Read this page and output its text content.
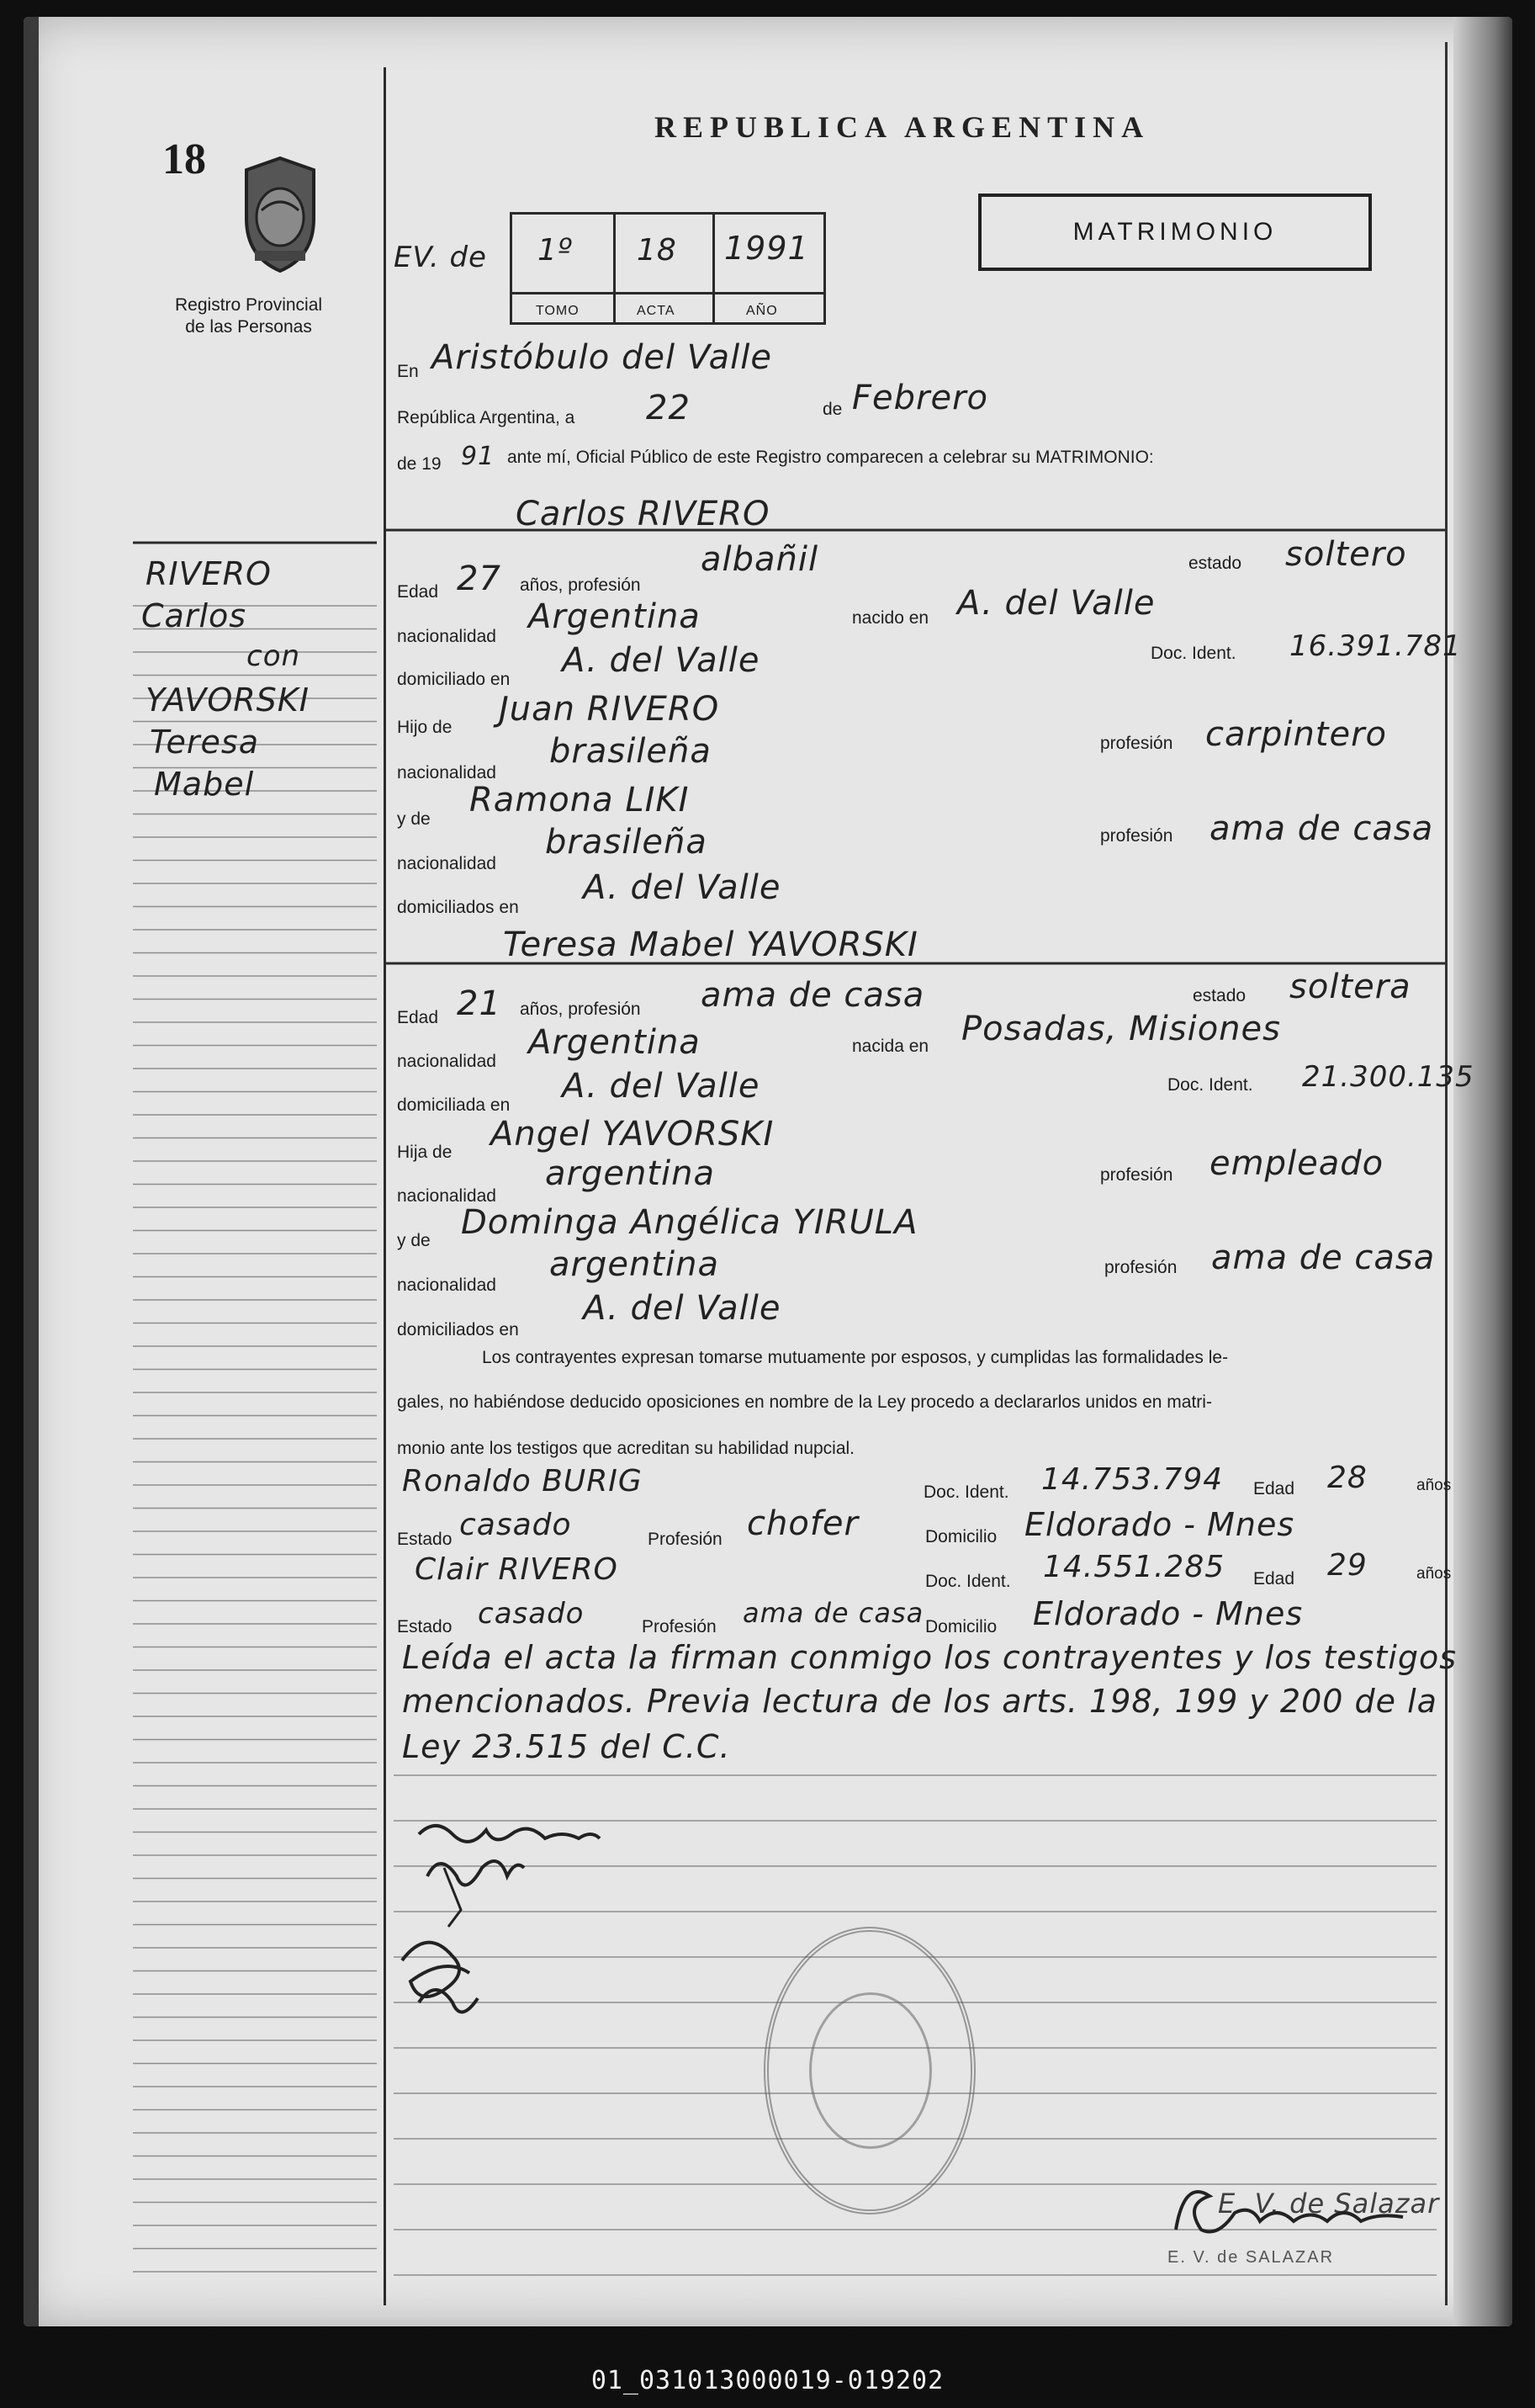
18
Registro Provincial
de las Personas
REPUBLICA ARGENTINA
MATRIMONIO
EV. de 1º
TOMO
18
ACTA
1991
AÑO
RIVERO
Carlos
con
YAVORSKI
Teresa
Mabel
En Aristóbulo del Valle
República Argentina, a 22	de Febrero
de 19 91 ante mí, Oficial Público de este Registro comparecen a celebrar su MATRIMONIO:
Carlos RIVERO
Edad 27 años, profesión
albañil	estado soltero
nacionalidad
Argentina	nacido en A. del Valle
domiciliado en A. del Valle	Doc. Ident. 16.391.781
Hijo de Juan RIVERO
nacionalidad
brasileña	profesión carpintero
y de Ramona LIKI
nacionalidad
brasileña	profesión ama de casa
domiciliados en
A. del Valle
Teresa Mabel YAVORSKI
Edad 21 años, profesión ama de casa	estado soltera
nacionalidad Argentina	nacida en Posadas, Misiones
domiciliada en A. del Valle	Doc. Ident. 21.300.135
Hija de Angel YAVORSKI
nacionalidad
argentina	profesión empleado
y de Dominga Angélica YIRULA
nacionalidad
argentina	profesión ama de casa
domiciliados en
A. del Valle
Los contrayentes expresan tomarse mutuamente por esposos, y cumplidas las formalidades le-
gales, no habiéndose deducido oposiciones en nombre de la Ley procedo a declararlos unidos en matri-
monio ante los testigos que acreditan su habilidad nupcial.
Ronaldo BURIG	Doc. Ident. 14.753.794 Edad 28	años
Estado casado	Profesión chofer	Domicilio Eldorado - Mnes
Clair RIVERO	Doc. Ident. 14.551.285 Edad 29	años
Estado casado	Profesión ama de casa Domicilio Eldorado - Mnes
Leída el acta la firman conmigo los contrayentes y los testigos
mencionados. Previa lectura de los arts. 198, 199 y 200 de la
Ley 23.515 del C.C.
E. V. de Salazar
E. V. de SALAZAR
01_031013000019-019202
